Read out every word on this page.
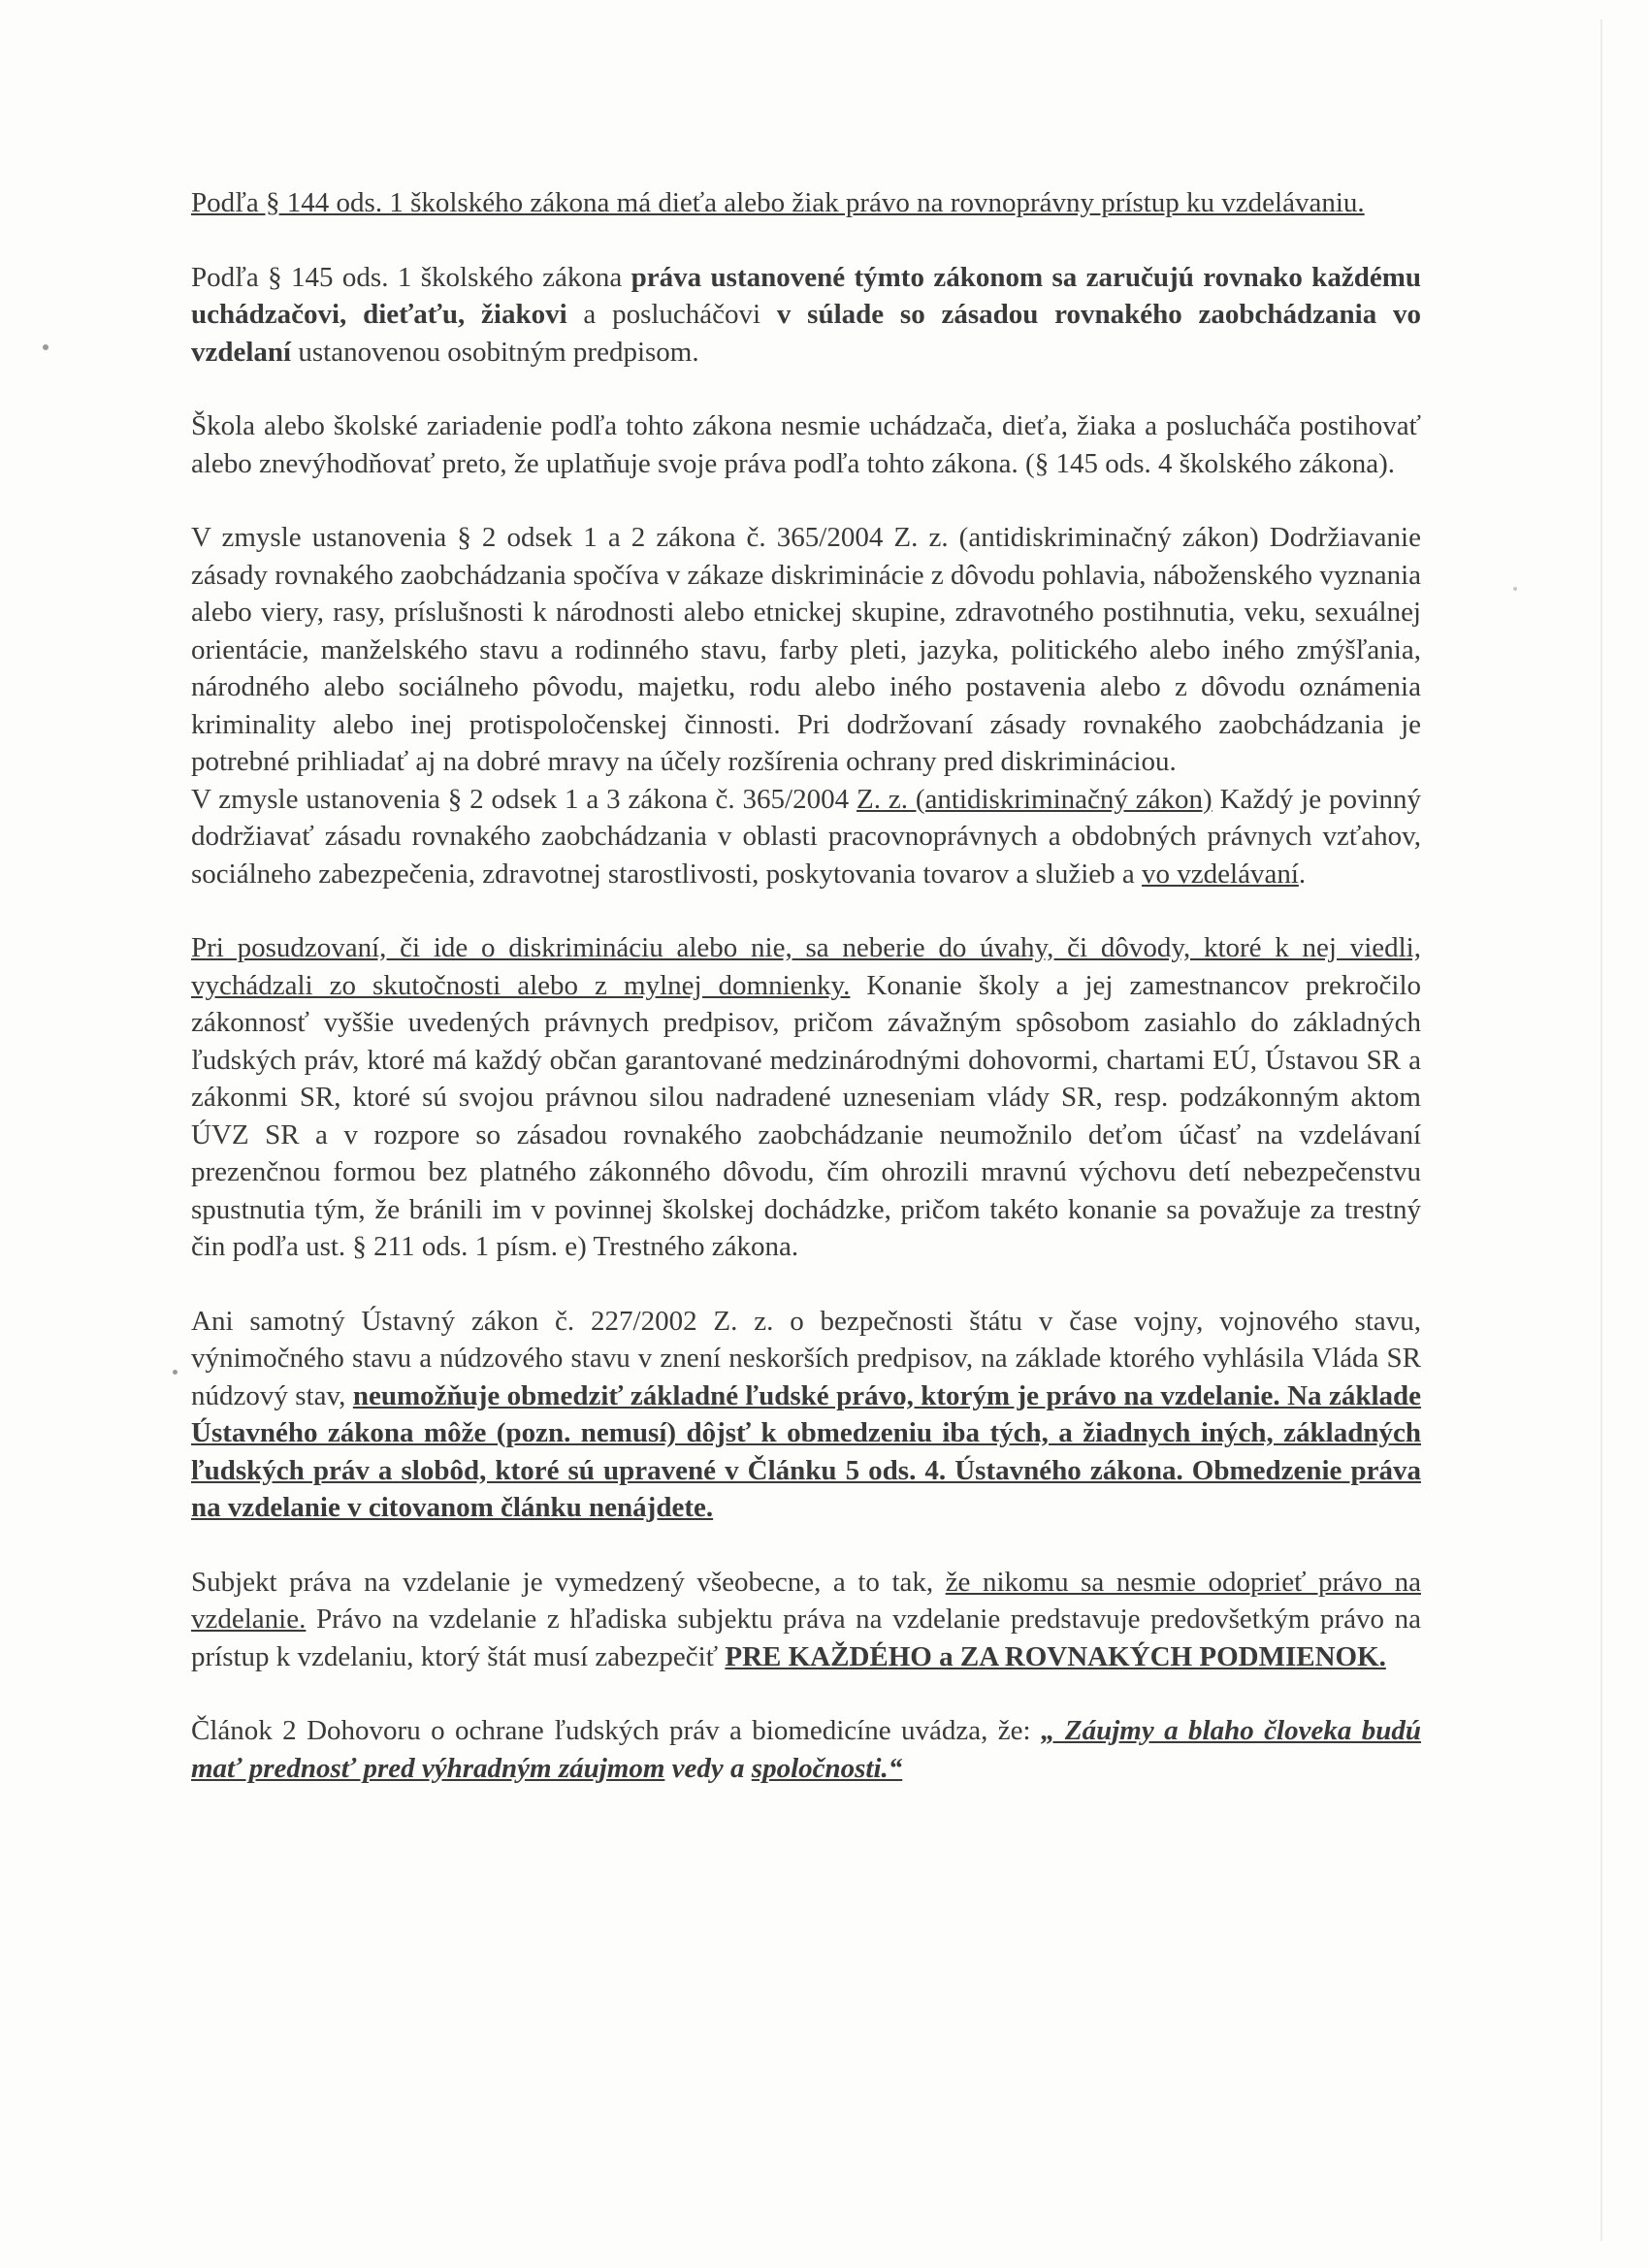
Podľa § 144 ods. 1 školského zákona má dieťa alebo žiak právo na rovnoprávny prístup ku vzdelávaniu.

Podľa § 145 ods. 1 školského zákona práva ustanovené týmto zákonom sa zaručujú rovnako každému uchádzačovi, dieťaťu, žiakovi a poslucháčovi v súlade so zásadou rovnakého zaobchádzania vo vzdelaní ustanovenou osobitným predpisom.

Škola alebo školské zariadenie podľa tohto zákona nesmie uchádzača, dieťa, žiaka a poslucháča postihovať alebo znevýhodňovať preto, že uplatňuje svoje práva podľa tohto zákona. (§ 145 ods. 4 školského zákona).

V zmysle ustanovenia § 2 odsek 1 a 2 zákona č. 365/2004 Z. z. (antidiskriminačný zákon) Dodržiavanie zásady rovnakého zaobchádzania spočíva v zákaze diskriminácie z dôvodu pohlavia, náboženského vyznania alebo viery, rasy, príslušnosti k národnosti alebo etnickej skupine, zdravotného postihnutia, veku, sexuálnej orientácie, manželského stavu a rodinného stavu, farby pleti, jazyka, politického alebo iného zmýšľania, národného alebo sociálneho pôvodu, majetku, rodu alebo iného postavenia alebo z dôvodu oznámenia kriminality alebo inej protispoločenskej činnosti. Pri dodržovaní zásady rovnakého zaobchádzania je potrebné prihliadať aj na dobré mravy na účely rozšírenia ochrany pred diskrimináciou.

V zmysle ustanovenia § 2 odsek 1 a 3 zákona č. 365/2004 Z. z. (antidiskriminačný zákon) Každý je povinný dodržiavať zásadu rovnakého zaobchádzania v oblasti pracovnoprávnych a obdobných právnych vzťahov, sociálneho zabezpečenia, zdravotnej starostlivosti, poskytovania tovarov a služieb a vo vzdelávaní.

Pri posudzovaní, či ide o diskrimináciu alebo nie, sa neberie do úvahy, či dôvody, ktoré k nej viedli, vychádzali zo skutočnosti alebo z mylnej domnienky. Konanie školy a jej zamestnancov prekročilo zákonnosť vyššie uvedených právnych predpisov, pričom závažným spôsobom zasiahlo do základných ľudských práv, ktoré má každý občan garantované medzinárodnými dohovormi, chartami EÚ, Ústavou SR a zákonmi SR, ktoré sú svojou právnou silou nadradené uzneseniam vlády SR, resp. podzákonným aktom ÚVZ SR a v rozpore so zásadou rovnakého zaobchádzanie neumožnilo deťom účasť na vzdelávaní prezenčnou formou bez platného zákonného dôvodu, čím ohrozili mravnú výchovu detí nebezpečenstvu spustnutia tým, že bránili im v povinnej školskej dochádzke, pričom takéto konanie sa považuje za trestný čin podľa ust. § 211 ods. 1 písm. e) Trestného zákona.

Ani samotný Ústavný zákon č. 227/2002 Z. z. o bezpečnosti štátu v čase vojny, vojnového stavu, výnimočného stavu a núdzového stavu v znení neskorších predpisov, na základe ktorého vyhlásila Vláda SR núdzový stav, neumožňuje obmedziť základné ľudské právo, ktorým je právo na vzdelanie. Na základe Ústavného zákona môže (pozn. nemusí) dôjsť k obmedzeniu iba tých, a žiadnych iných, základných ľudských práv a slobôd, ktoré sú upravené v Článku 5 ods. 4. Ústavného zákona. Obmedzenie práva na vzdelanie v citovanom článku nenájdete.

Subjekt práva na vzdelanie je vymedzený všeobecne, a to tak, že nikomu sa nesmie odoprieť právo na vzdelanie. Právo na vzdelanie z hľadiska subjektu práva na vzdelanie predstavuje predovšetkým právo na prístup k vzdelaniu, ktorý štát musí zabezpečiť PRE KAŽDÉHO a ZA ROVNAKÝCH PODMIENOK.

Článok 2 Dohovoru o ochrane ľudských práv a biomedicíne uvádza, že: „ Záujmy a blaho človeka budú mať prednosť pred výhradným záujmom vedy a spoločnosti.“
